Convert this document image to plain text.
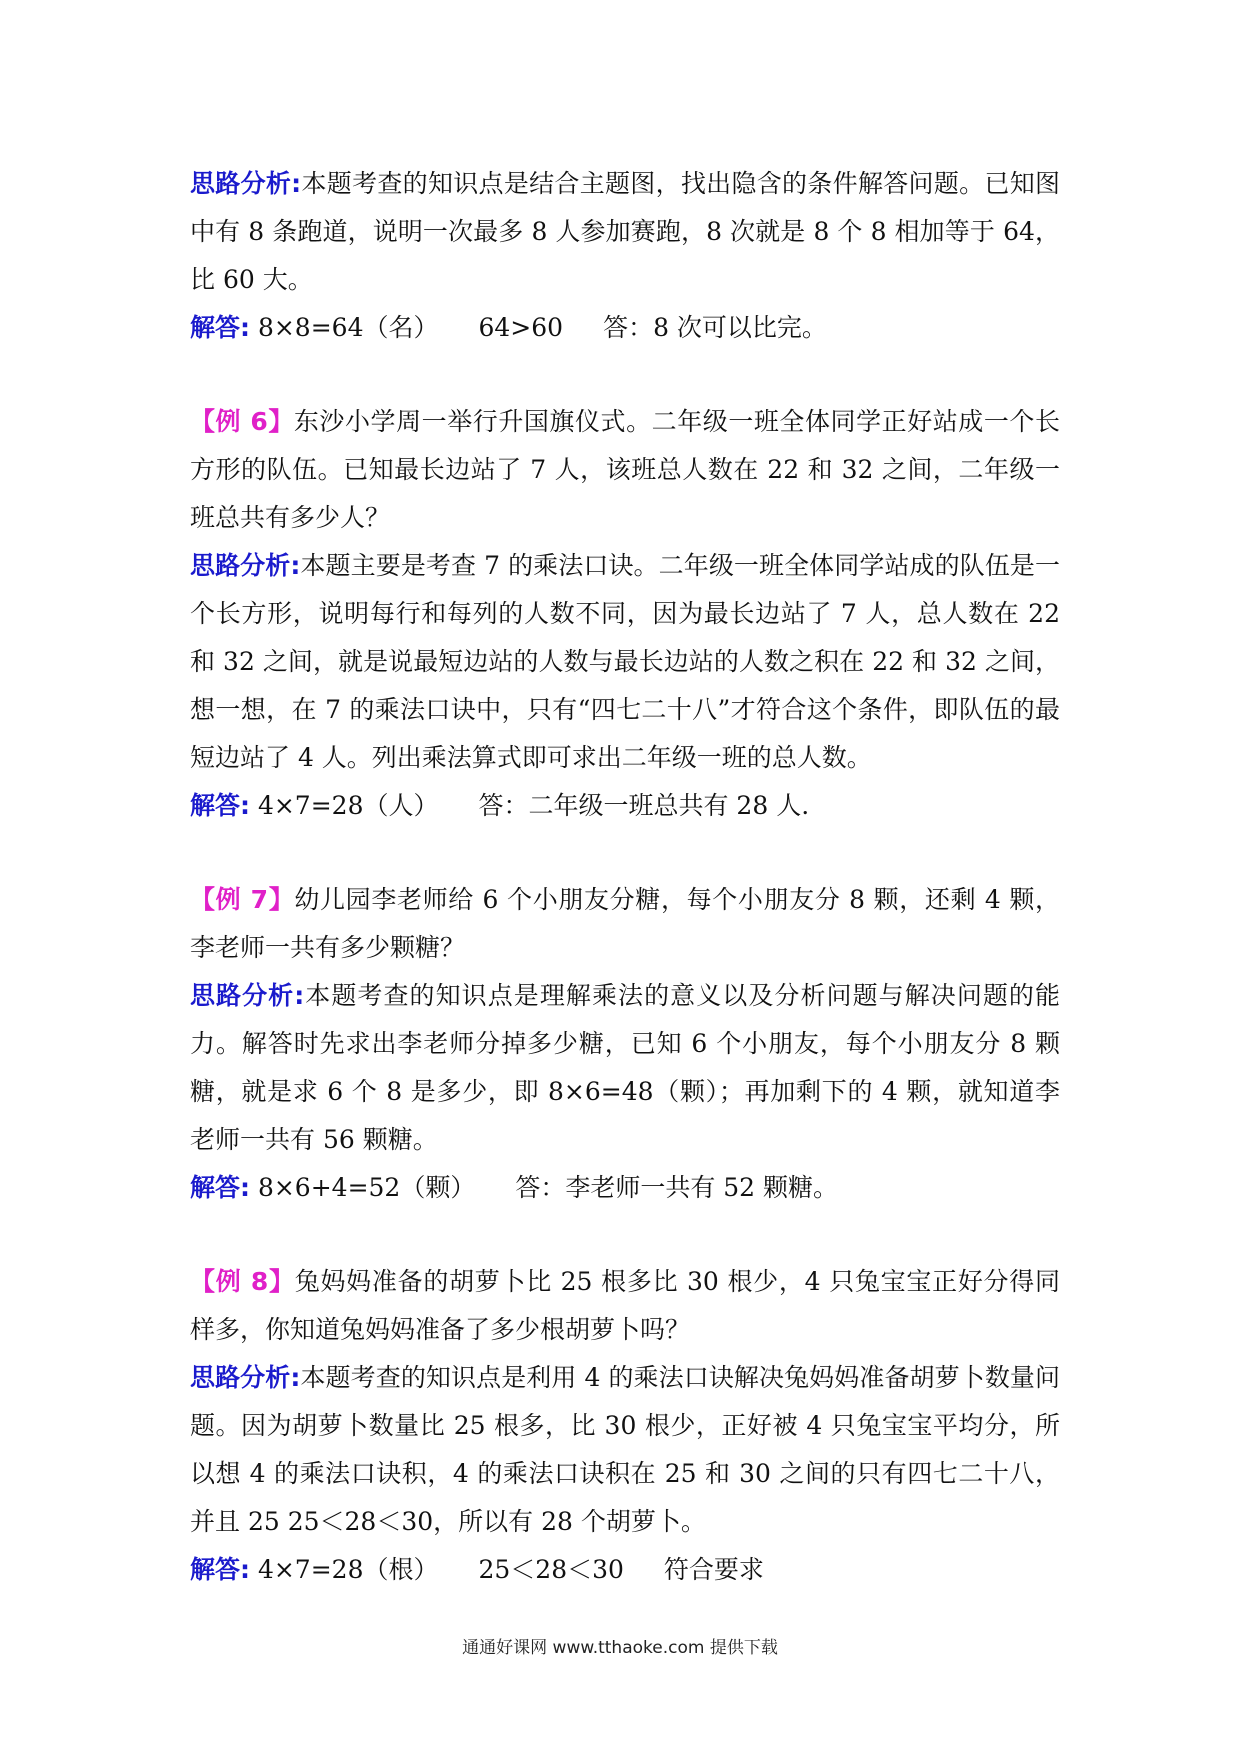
思路分析:本题考查的知识点是结合主题图，找出隐含的条件解答问题。已知图中有 8 条跑道，说明一次最多 8 人参加赛跑，8 次就是 8 个 8 相加等于 64，比 60 大。

解答: 8×8=64（名） 64>60 答：8 次可以比完。

【例 6】东沙小学周一举行升国旗仪式。二年级一班全体同学正好站成一个长方形的队伍。已知最长边站了 7 人，该班总人数在 22 和 32 之间，二年级一班总共有多少人？

思路分析:本题主要是考查 7 的乘法口诀。二年级一班全体同学站成的队伍是一个长方形，说明每行和每列的人数不同，因为最长边站了 7 人，总人数在 22 和 32 之间，就是说最短边站的人数与最长边站的人数之积在 22 和 32 之间，想一想，在 7 的乘法口诀中，只有“四七二十八”才符合这个条件，即队伍的最短边站了 4 人。列出乘法算式即可求出二年级一班的总人数。

解答: 4×7=28（人） 答：二年级一班总共有 28 人.

【例 7】幼儿园李老师给 6 个小朋友分糖，每个小朋友分 8 颗，还剩 4 颗，李老师一共有多少颗糖？

思路分析:本题考查的知识点是理解乘法的意义以及分析问题与解决问题的能力。解答时先求出李老师分掉多少糖，已知 6 个小朋友，每个小朋友分 8 颗糖，就是求 6 个 8 是多少，即 8×6=48（颗）；再加剩下的 4 颗，就知道李老师一共有 56 颗糖。

解答: 8×6+4=52（颗） 答：李老师一共有 52 颗糖。

【例 8】兔妈妈准备的胡萝卜比 25 根多比 30 根少，4 只兔宝宝正好分得同样多，你知道兔妈妈准备了多少根胡萝卜吗？

思路分析:本题考查的知识点是利用 4 的乘法口诀解决兔妈妈准备胡萝卜数量问题。因为胡萝卜数量比 25 根多，比 30 根少，正好被 4 只兔宝宝平均分，所以想 4 的乘法口诀积，4 的乘法口诀积在 25 和 30 之间的只有四七二十八，并且 25 25＜28＜30，所以有 28 个胡萝卜。

解答: 4×7=28（根） 25＜28＜30 符合要求

通通好课网 www.tthaoke.com 提供下载
